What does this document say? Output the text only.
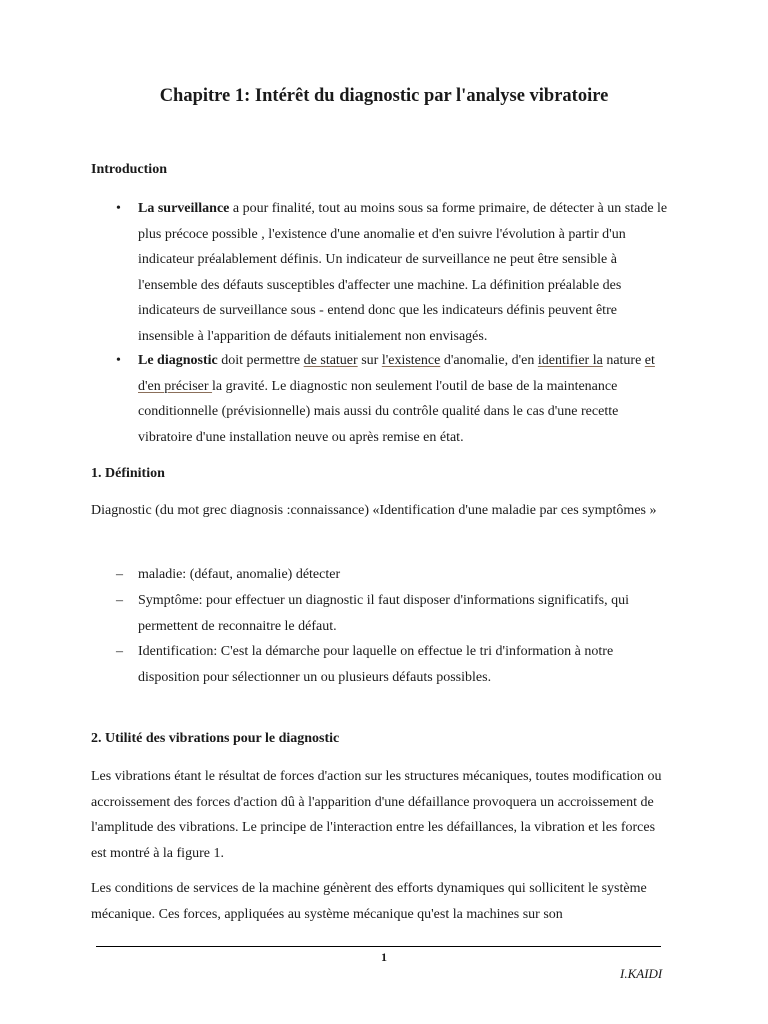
Chapitre 1: Intérêt du diagnostic par l'analyse vibratoire
Introduction
• La surveillance a pour finalité, tout au moins sous sa forme primaire, de détecter à un stade le plus précoce possible , l'existence d'une anomalie et d'en suivre l'évolution à partir d'un indicateur préalablement définis. Un indicateur de surveillance ne peut être sensible à l'ensemble des défauts susceptibles d'affecter une machine. La définition préalable des indicateurs de surveillance sous - entend donc que les indicateurs définis peuvent être insensible à l'apparition de défauts initialement non envisagés.

• Le diagnostic doit permettre de statuer sur l'existence d'anomalie, d'en identifier la nature et d'en préciser la gravité. Le diagnostic non seulement l'outil de base de la maintenance conditionnelle (prévisionnelle) mais aussi du contrôle qualité dans le cas d'une recette vibratoire d'une installation neuve ou après remise en état.

1. Définition

Diagnostic (du mot grec diagnosis :connaissance) «Identification d'une maladie par ces symptômes »

– maladie: (défaut, anomalie) détecter

– Symptôme: pour effectuer un diagnostic il faut disposer d'informations significatifs, qui permettent de reconnaitre le défaut.

– Identification: C'est la démarche pour laquelle on effectue le tri d'information à notre disposition pour sélectionner un ou plusieurs défauts possibles.

2. Utilité des vibrations pour le diagnostic

Les vibrations étant le résultat de forces d'action sur les structures mécaniques, toutes modification ou accroissement des forces d'action dû à l'apparition d'une défaillance provoquera un accroissement de l'amplitude des vibrations. Le principe de l'interaction entre les défaillances, la vibration et les forces est montré à la figure 1.

Les conditions de services de la machine génèrent des efforts dynamiques qui sollicitent le système mécanique. Ces forces, appliquées au système mécanique qu'est la machines sur son

1
I.KAIDI
